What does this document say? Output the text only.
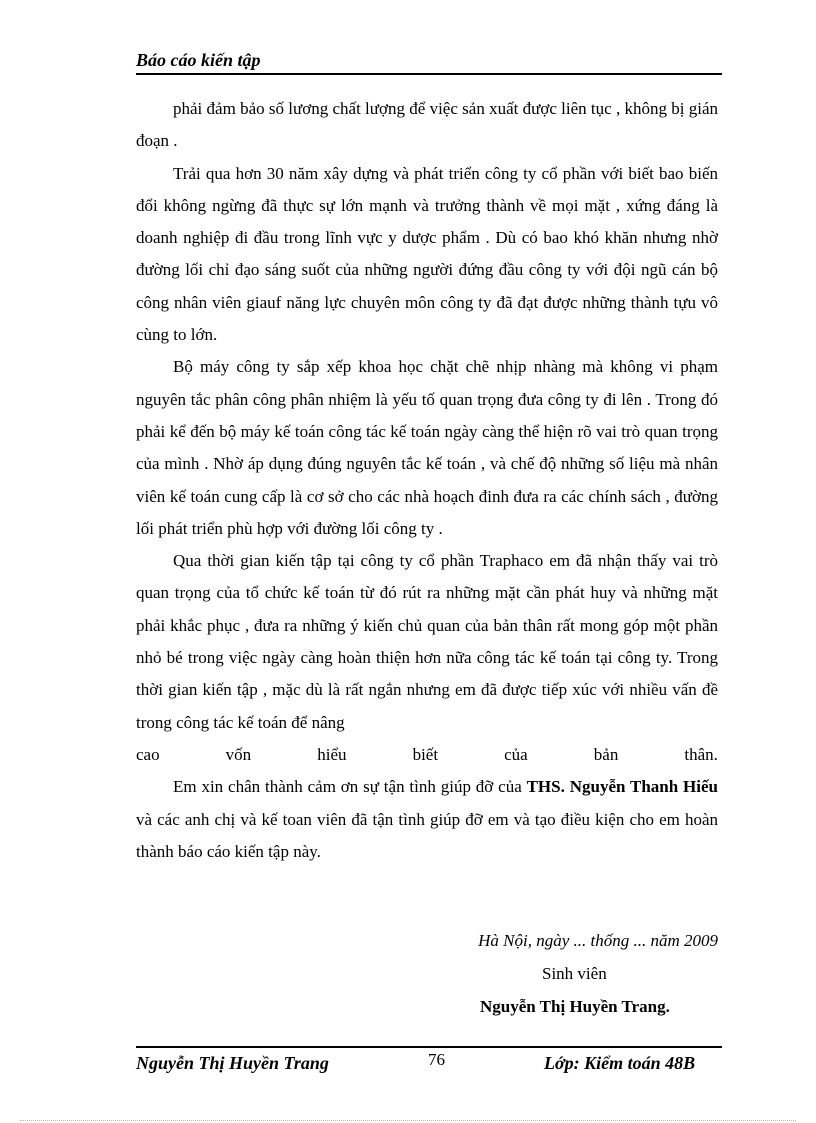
Báo cáo kiến tập

phải đảm bảo số lương chất lượng để việc sản xuất được liên tục , không bị gián đoạn .

Trải qua hơn 30 năm xây dựng và phát triển công ty cổ phần với biết bao biến đổi không ngừng đã thực sự lớn mạnh và trưởng thành về mọi mặt , xứng đáng là doanh nghiệp đi đầu trong lĩnh vực y dược phẩm . Dù có bao khó khăn nhưng nhờ đường lối chỉ đạo sáng suốt của những người đứng đầu công ty với đội ngũ cán bộ công nhân viên giauf năng lực chuyên môn công ty đã đạt được những thành tựu vô cùng to lớn.

Bộ máy công ty sắp xếp khoa học chặt chẽ nhịp nhàng mà không vi phạm nguyên tắc phân công phân nhiệm là yếu tố quan trọng đưa công ty đi lên . Trong đó phải kể đến bộ máy kế toán công tác kế toán ngày càng thể hiện rõ vai trò quan trọng của mình . Nhờ áp dụng đúng nguyên tắc kế toán , và chế độ những số liệu mà nhân viên kế toán cung cấp là cơ sở cho các nhà hoạch đinh đưa ra các chính sách , đường lối phát triển phù hợp với đường lối công ty .

Qua thời gian kiến tập tại công ty cổ phần Traphaco em đã nhận thấy vai trò quan trọng của tổ chức kế toán từ đó rút ra những mặt cần phát huy và những mặt phải khắc phục , đưa ra những ý kiến chủ quan của bản thân rất mong góp một phần nhỏ bé trong việc ngày càng hoàn thiện hơn nữa công tác kế toán tại công ty. Trong thời gian kiến tập , mặc dù là rất ngắn nhưng em đã được tiếp xúc với nhiều vấn đề trong công tác kế toán để nâng

cao	vốn	hiểu	biết	của	bản	thân.

Em xin chân thành cảm ơn sự tận tình giúp đỡ của THS. Nguyễn Thanh Hiếu và các anh chị và kế toan viên đã tận tình giúp đỡ em và tạo điều kiện cho em hoàn thành báo cáo kiến tập này.

Hà Nội, ngày ... thống ... năm 2009
Sinh viên
Nguyễn Thị Huyền Trang.
Nguyễn Thị Huyền Trang	76	Lớp: Kiểm toán 48B
